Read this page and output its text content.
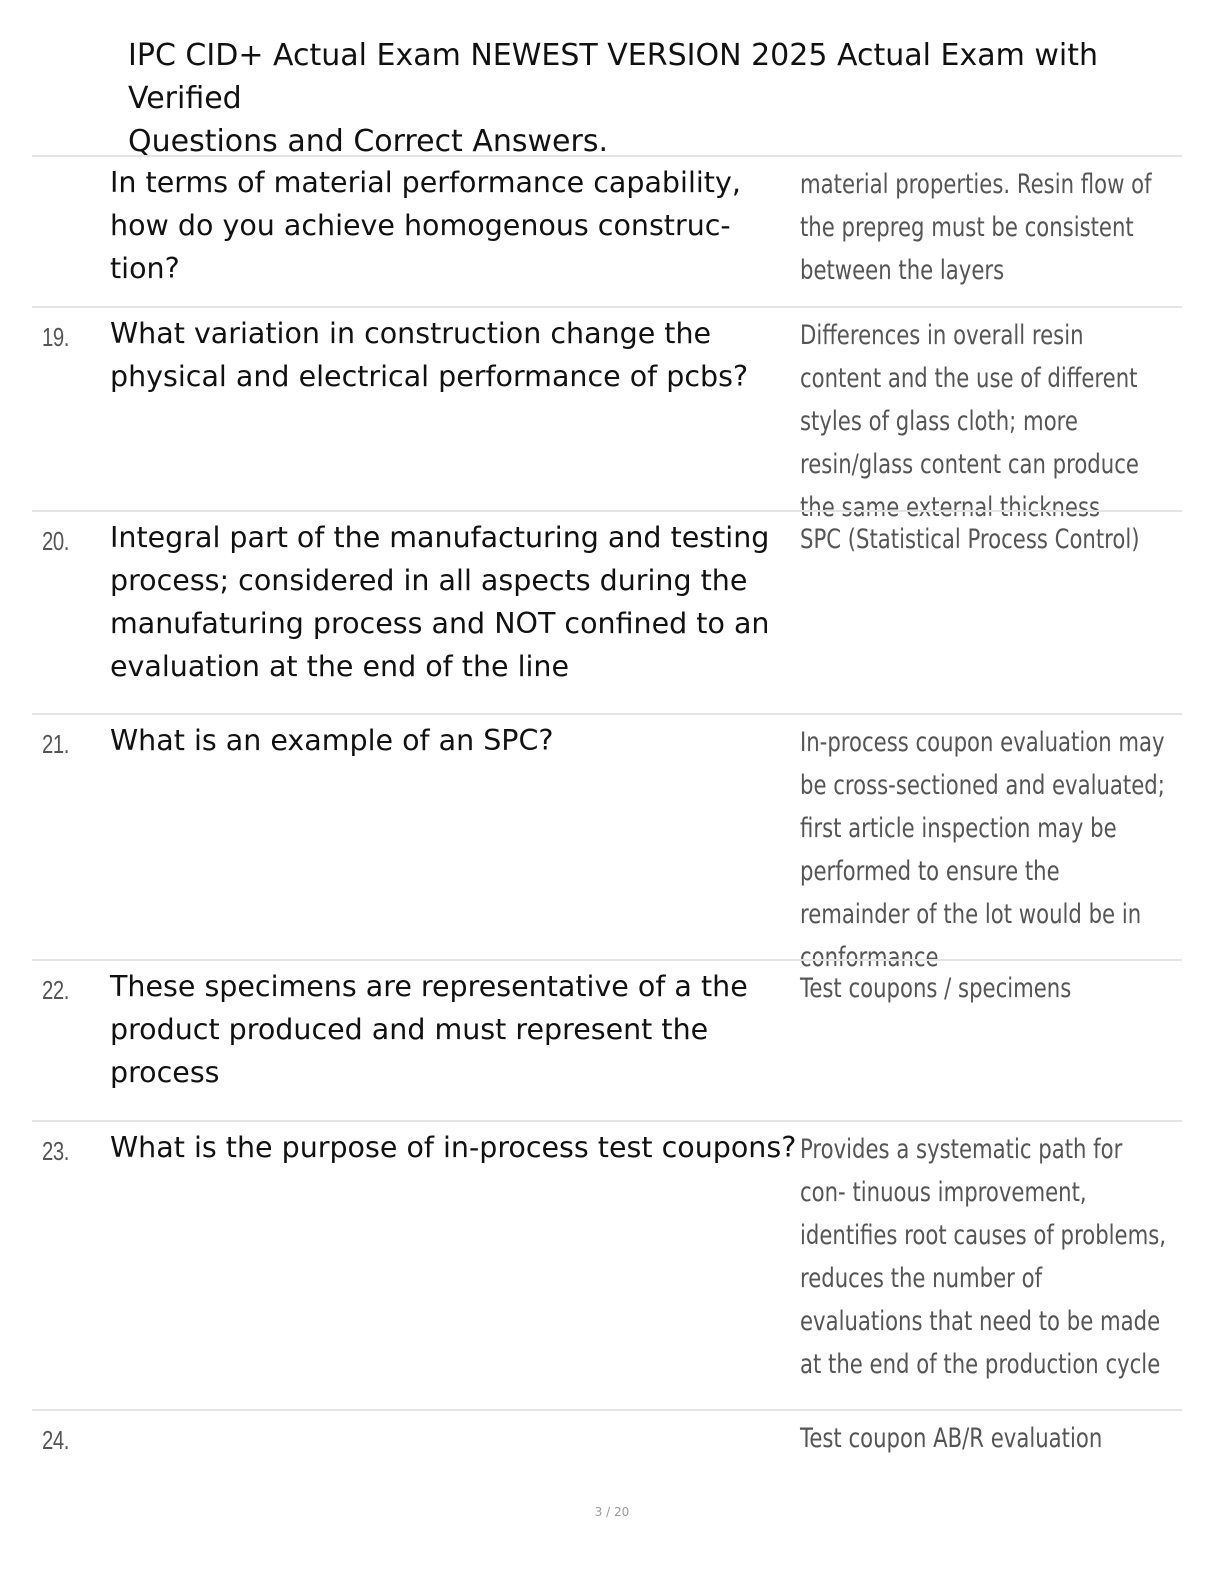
IPC CID+ Actual Exam NEWEST VERSION 2025 Actual Exam with Verified
Questions and Correct Answers.
In terms of material performance capability, how do you achieve homogenous construc- tion?
material properties. Resin flow of the prepreg must be consistent between the layers
19. What variation in construction change the physical and electrical performance of pcbs?
Differences in overall resin content and the use of different styles of glass cloth; more resin/glass content can produce the same external thickness
20. Integral part of the manufacturing and testing process; considered in all aspects during the manufaturing process and NOT confined to an evaluation at the end of the line
SPC (Statistical Process Control)
21. What is an example of an SPC?	In-process coupon evaluation may be cross-sectioned and evaluated; first article inspection may be performed to ensure the remainder of the lot would be in conformance
22. These specimens are representative of a the product produced and must represent the process
Test coupons / specimens
23. What is the purpose of in-process test coupons? Provides a systematic path for con- tinuous improvement, identifies root causes of problems, reduces the number of evaluations that need to be made at the end of the production cycle
24.	Test coupon AB/R evaluation
3 / 20
